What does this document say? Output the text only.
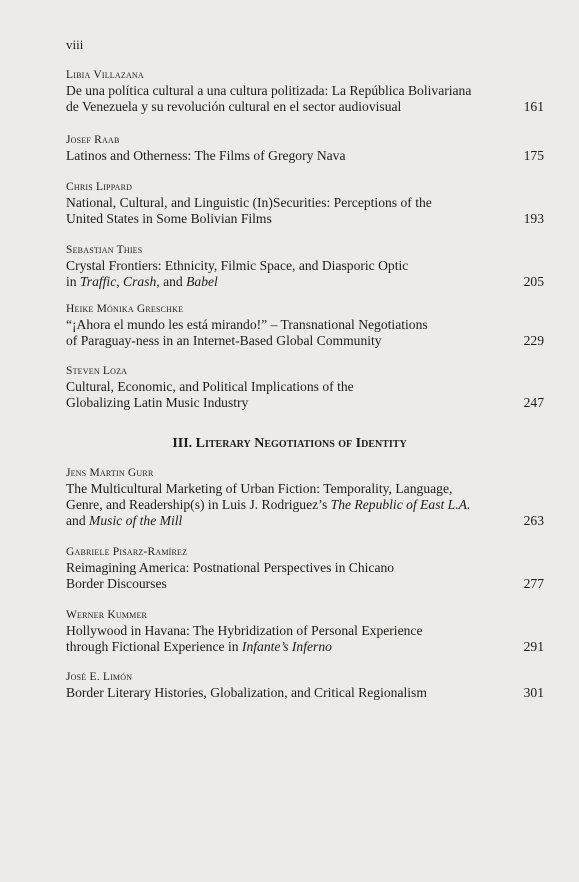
viii
Libia Villazana
De una política cultural a una cultura politizada: La República Bolivariana
de Venezuela y su revolución cultural en el sector audiovisual	161
Josef Raab
Latinos and Otherness: The Films of Gregory Nava	175
Chris Lippard
National, Cultural, and Linguistic (In)Securities: Perceptions of the
United States in Some Bolivian Films	193
Sebastian Thies
Crystal Frontiers: Ethnicity, Filmic Space, and Diasporic Optic
in Traffic, Crash, and Babel	205
Heike Mónika Greschke
“¡Ahora el mundo les está mirando!” – Transnational Negotiations
of Paraguay-ness in an Internet-Based Global Community	229
Steven Loza
Cultural, Economic, and Political Implications of the
Globalizing Latin Music Industry	247
III. Literary Negotiations of Identity
Jens Martin Gurr
The Multicultural Marketing of Urban Fiction: Temporality, Language,
Genre, and Readership(s) in Luis J. Rodriguez’s The Republic of East L.A.
and Music of the Mill	263
Gabriele Pisarz-Ramírez
Reimagining America: Postnational Perspectives in Chicano
Border Discourses	277
Werner Kummer
Hollywood in Havana: The Hybridization of Personal Experience
through Fictional Experience in Infante’s Inferno	291
José E. Limón
Border Literary Histories, Globalization, and Critical Regionalism	301
